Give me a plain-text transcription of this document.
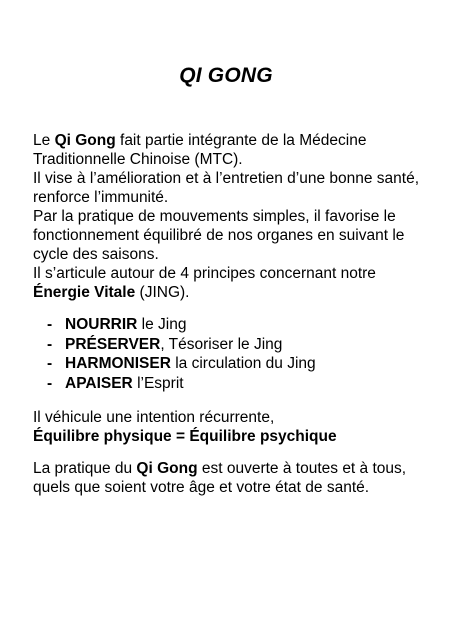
QI GONG

Le Qi Gong fait partie intégrante de la Médecine Traditionnelle Chinoise (MTC).

Il vise à l’amélioration et à l’entretien d’une bonne santé, renforce l’immunité.

Par la pratique de mouvements simples, il favorise le fonctionnement équilibré de nos organes en suivant le cycle des saisons.

Il s’articule autour de 4 principes concernant notre Énergie Vitale (JING).

- NOURRIR le Jing
- PRÉSERVER, Tésoriser le Jing
- HARMONISER la circulation du Jing
- APAISER l’Esprit

Il véhicule une intention récurrente,

Équilibre physique = Équilibre psychique

La pratique du Qi Gong est ouverte à toutes et à tous, quels que soient votre âge et votre état de santé.
